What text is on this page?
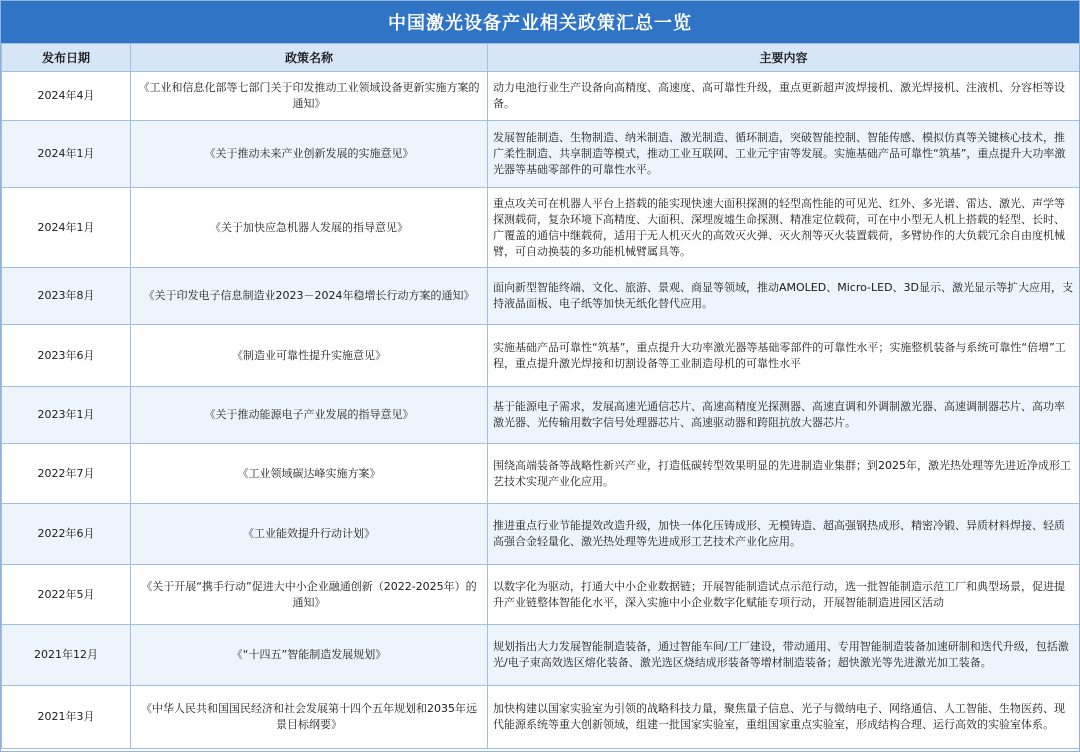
中国激光设备产业相关政策汇总一览
发布日期	政策名称	主要内容
2024年4月	《工业和信息化部等七部门关于印发推动工业领域设备更新实施方案的通知》	动力电池行业生产设备向高精度、高速度、高可靠性升级，重点更新超声波焊接机、激光焊接机、注液机、分容柜等设备。
2024年1月	《关于推动未来产业创新发展的实施意见》	发展智能制造、生物制造、纳米制造、激光制造、循环制造，突破智能控制、智能传感、模拟仿真等关键核心技术，推广柔性制造、共享制造等模式，推动工业互联网、工业元宇宙等发展。实施基础产品可靠性“筑基”，重点提升大功率激光器等基础零部件的可靠性水平。
2024年1月	《关于加快应急机器人发展的指导意见》	重点攻关可在机器人平台上搭载的能实现快速大面积探测的轻型高性能的可见光、红外、多光谱、雷达、激光、声学等探测载荷，复杂环境下高精度、大面积、深埋废墟生命探测、精准定位载荷，可在中小型无人机上搭载的轻型、长时、广覆盖的通信中继载荷，适用于无人机灭火的高效灭火弹、灭火剂等灭火装置载荷，多臂协作的大负载冗余自由度机械臂，可自动换装的多功能机械臂属具等。
2023年8月	《关于印发电子信息制造业2023－2024年稳增长行动方案的通知》	面向新型智能终端、文化、旅游、景观、商显等领域，推动AMOLED、Micro-LED、3D显示、激光显示等扩大应用，支持液晶面板、电子纸等加快无纸化替代应用。
2023年6月	《制造业可靠性提升实施意见》	实施基础产品可靠性“筑基”，重点提升大功率激光器等基础零部件的可靠性水平；实施整机装备与系统可靠性“倍增”工程，重点提升激光焊接和切割设备等工业制造母机的可靠性水平
2023年1月	《关于推动能源电子产业发展的指导意见》	基于能源电子需求，发展高速光通信芯片、高速高精度光探测器、高速直调和外调制激光器、高速调制器芯片、高功率激光器、光传输用数字信号处理器芯片、高速驱动器和跨阻抗放大器芯片。
2022年7月	《工业领域碳达峰实施方案》	围绕高端装备等战略性新兴产业，打造低碳转型效果明显的先进制造业集群；到2025年，激光热处理等先进近净成形工艺技术实现产业化应用。
2022年6月	《工业能效提升行动计划》	推进重点行业节能提效改造升级，加快一体化压铸成形、无模铸造、超高强钢热成形、精密冷锻、异质材料焊接、轻质高强合金轻量化、激光热处理等先进成形工艺技术产业化应用。
2022年5月	《关于开展“携手行动”促进大中小企业融通创新（2022-2025年）的通知》	以数字化为驱动，打通大中小企业数据链；开展智能制造试点示范行动，选一批智能制造示范工厂和典型场景，促进提升产业链整体智能化水平，深入实施中小企业数字化赋能专项行动，开展智能制造进园区活动
2021年12月	《“十四五”智能制造发展规划》	规划指出大力发展智能制造装备，通过智能车间/工厂建设，带动通用、专用智能制造装备加速研制和迭代升级，包括激光/电子束高效选区熔化装备、激光选区烧结成形装备等增材制造装备；超快激光等先进激光加工装备。
2021年3月	《中华人民共和国国民经济和社会发展第十四个五年规划和2035年远景目标纲要》	加快构建以国家实验室为引领的战略科技力量，聚焦量子信息、光子与微纳电子、网络通信、人工智能、生物医药、现代能源系统等重大创新领域，组建一批国家实验室，重组国家重点实验室，形成结构合理、运行高效的实验室体系。
